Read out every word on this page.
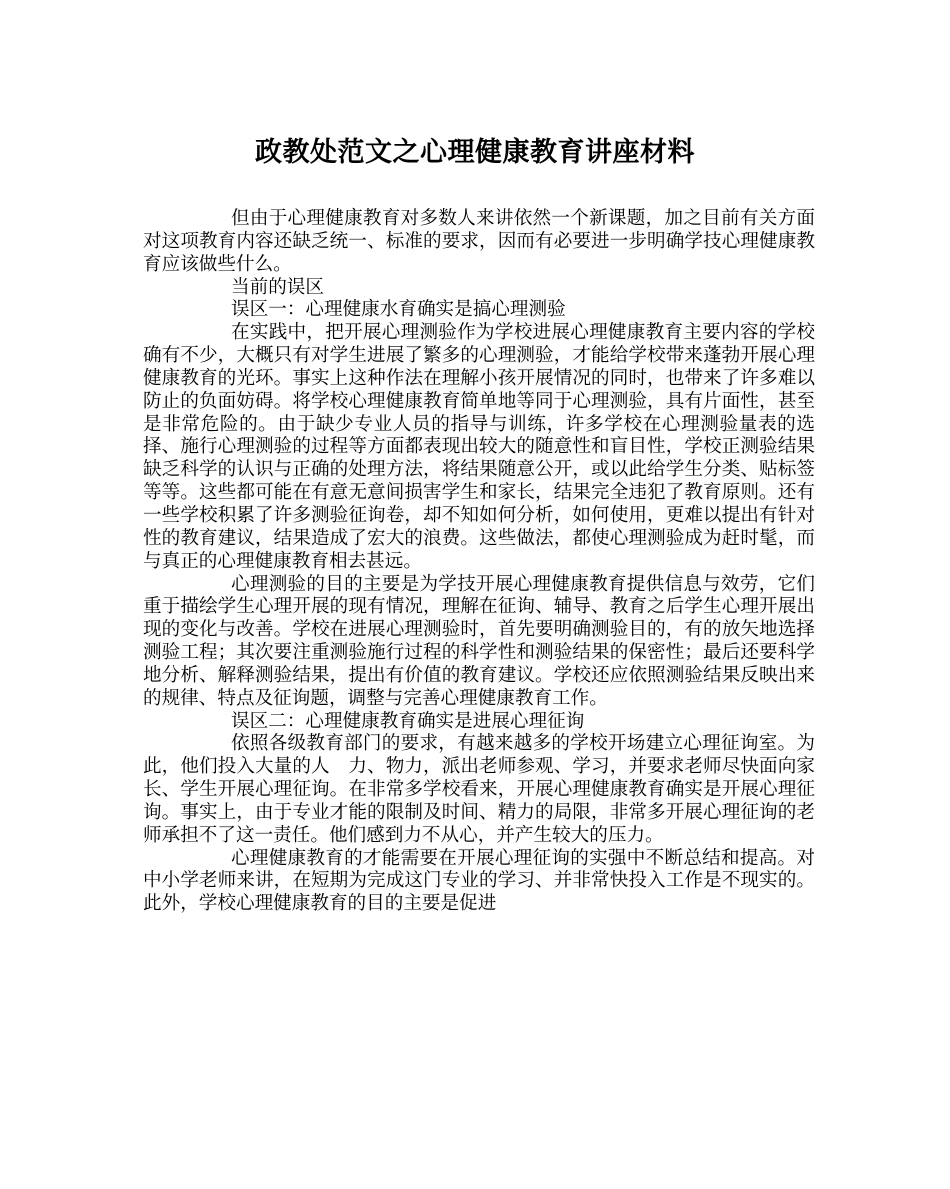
政教处范文之心理健康教育讲座材料

但由于心理健康教育对多数人来讲依然一个新课题，加之目前有关方面对这项教育内容还缺乏统一、标准的要求，因而有必要进一步明确学技心理健康教育应该做些什么。

当前的误区

误区一：心理健康水育确实是搞心理测验

在实践中，把开展心理测验作为学校进展心理健康教育主要内容的学校确有不少，大概只有对学生进展了繁多的心理测验，才能给学校带来蓬勃开展心理健康教育的光环。事实上这种作法在理解小孩开展情况的同时，也带来了许多难以防止的负面妨碍。将学校心理健康教育简单地等同于心理测验，具有片面性，甚至是非常危险的。由于缺少专业人员的指导与训练，许多学校在心理测验量表的选择、施行心理测验的过程等方面都表现出较大的随意性和盲目性，学校正测验结果缺乏科学的认识与正确的处理方法，将结果随意公开，或以此给学生分类、贴标签等等。这些都可能在有意无意间损害学生和家长，结果完全违犯了教育原则。还有一些学校积累了许多测验征询卷，却不知如何分析，如何使用，更难以提出有针对性的教育建议，结果造成了宏大的浪费。这些做法，都使心理测验成为赶时髦，而与真正的心理健康教育相去甚远。

心理测验的目的主要是为学技开展心理健康教育提供信息与效劳，它们重于描绘学生心理开展的现有情况，理解在征询、辅导、教育之后学生心理开展出现的变化与改善。学校在进展心理测验时，首先要明确测验目的，有的放矢地选择测验工程；其次要注重测验施行过程的科学性和测验结果的保密性；最后还要科学地分析、解释测验结果，提出有价值的教育建议。学校还应依照测验结果反映出来的规律、特点及征询题，调整与完善心理健康教育工作。

误区二：心理健康教育确实是进展心理征询

依照各级教育部门的要求，有越来越多的学校开场建立心理征询室。为此，他们投入大量的人　力、物力，派出老师参观、学习，并要求老师尽快面向家长、学生开展心理征询。在非常多学校看来，开展心理健康教育确实是开展心理征询。事实上，由于专业才能的限制及时间、精力的局限，非常多开展心理征询的老师承担不了这一责任。他们感到力不从心，并产生较大的压力。

心理健康教育的才能需要在开展心理征询的实强中不断总结和提高。对中小学老师来讲，在短期为完成这门专业的学习、并非常快投入工作是不现实的。此外，学校心理健康教育的目的主要是促进
